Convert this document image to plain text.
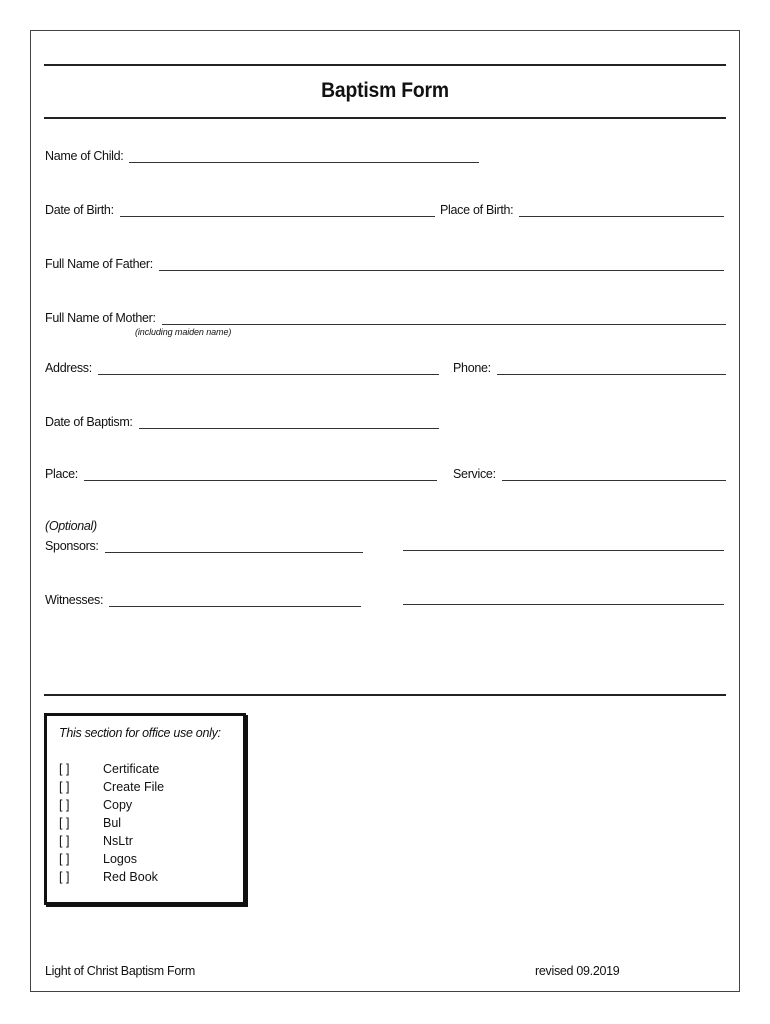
Baptism Form
Name of Child:
Date of Birth:	Place of Birth:
Full Name of Father:
Full Name of Mother:
(including maiden name)
Address:	Phone:
Date of Baptism:
Place:	Service:
(Optional)
Sponsors:
Witnesses:
This section for office use only:
[ ]	Certificate
[ ]	Create File
[ ]	Copy
[ ]	Bul
[ ]	NsLtr
[ ]	Logos
[ ]	Red Book
Light of Christ Baptism Form	revised 09.2019
